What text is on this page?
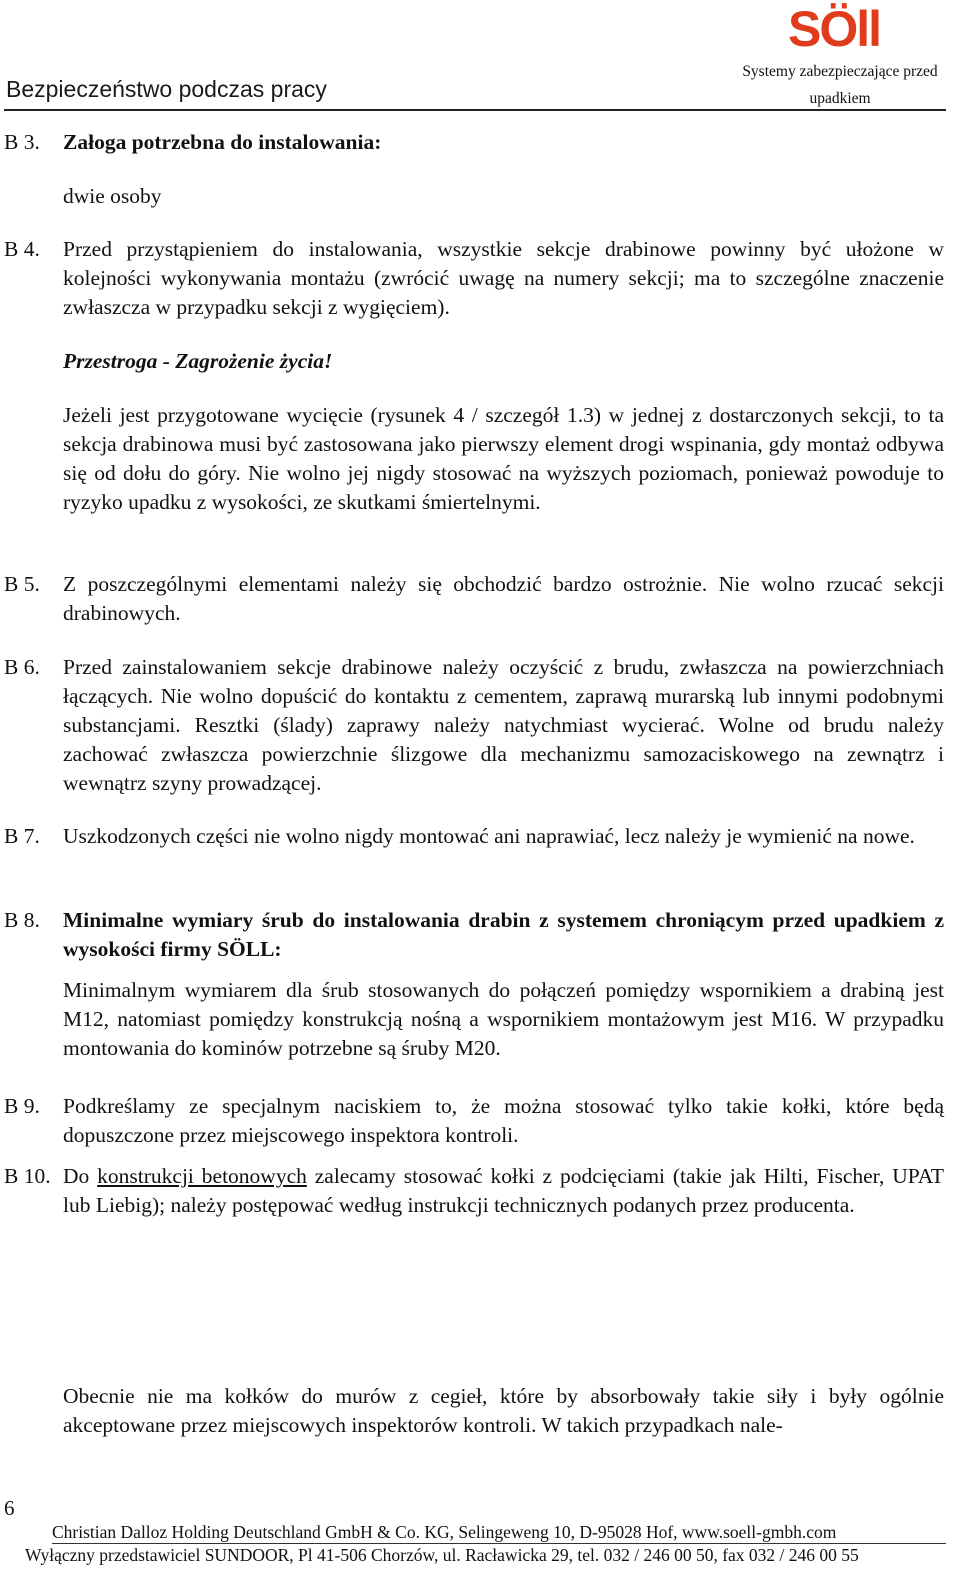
Bezpieczeństwo podczas pracy
SÖll
Systemy zabezpieczające przed upadkiem
B 3. Załoga potrzebna do instalowania:

dwie osoby

B 4. Przed przystąpieniem do instalowania, wszystkie sekcje drabinowe powinny być ułożone w kolejności wykonywania montażu (zwrócić uwagę na numery sekcji; ma to szczególne znaczenie zwłaszcza w przypadku sekcji z wygięciem).

Przestroga - Zagrożenie życia!

Jeżeli jest przygotowane wycięcie (rysunek 4 / szczegół 1.3) w jednej z dostarczonych sekcji, to ta sekcja drabinowa musi być zastosowana jako pierwszy element drogi wspinania, gdy montaż odbywa się od dołu do góry. Nie wolno jej nigdy stosować na wyższych poziomach, ponieważ powoduje to ryzyko upadku z wysokości, ze skutkami śmiertelnymi.

B 5. Z poszczególnymi elementami należy się obchodzić bardzo ostrożnie. Nie wolno rzucać sekcji drabinowych.

B 6. Przed zainstalowaniem sekcje drabinowe należy oczyścić z brudu, zwłaszcza na powierzchniach łączących. Nie wolno dopuścić do kontaktu z cementem, zaprawą murarską lub innymi podobnymi substancjami. Resztki (ślady) zaprawy należy natychmiast wycierać. Wolne od brudu należy zachować zwłaszcza powierzchnie ślizgowe dla mechanizmu samozaciskowego na zewnątrz i wewnątrz szyny prowadzącej.

B 7. Uszkodzonych części nie wolno nigdy montować ani naprawiać, lecz należy je wymienić na nowe.

B 8. Minimalne wymiary śrub do instalowania drabin z systemem chroniącym przed upadkiem z wysokości firmy SÖLL:

Minimalnym wymiarem dla śrub stosowanych do połączeń pomiędzy wspornikiem a drabiną jest M12, natomiast pomiędzy konstrukcją nośną a wspornikiem montażowym jest M16. W przypadku montowania do kominów potrzebne są śruby M20.

B 9. Podkreślamy ze specjalnym naciskiem to, że można stosować tylko takie kołki, które będą dopuszczone przez miejscowego inspektora kontroli.

B 10. Do konstrukcji betonowych zalecamy stosować kołki z podcięciami (takie jak Hilti, Fischer, UPAT lub Liebig); należy postępować według instrukcji technicznych podanych przez producenta.

Obecnie nie ma kołków do murów z cegieł, które by absorbowały takie siły i były ogólnie akceptowane przez miejscowych inspektorów kontroli. W takich przypadkach nale-

6
Christian Dalloz Holding Deutschland GmbH & Co. KG, Selingeweng 10, D-95028 Hof, www.soell-gmbh.com
Wyłączny przedstawiciel SUNDOOR, Pl 41-506 Chorzów, ul. Racławicka 29, tel. 032 / 246 00 50, fax 032 / 246 00 55
